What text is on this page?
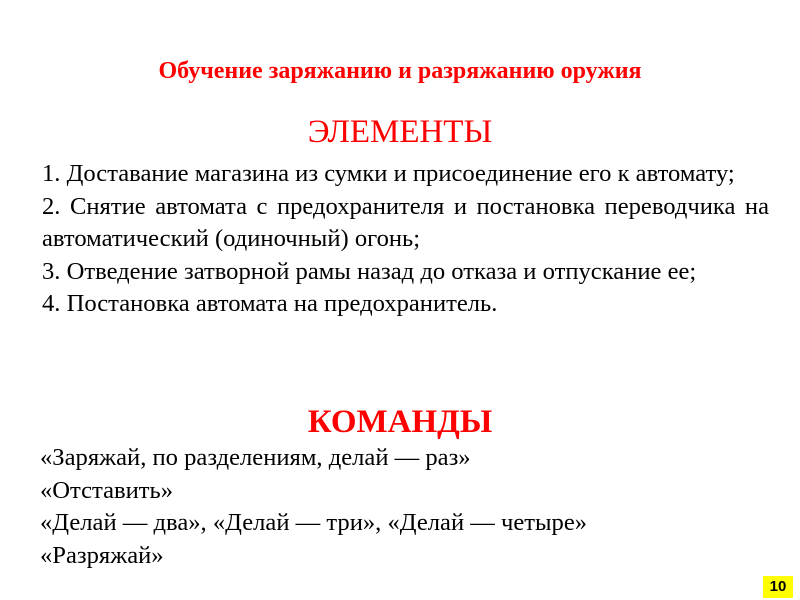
Обучение заряжанию и разряжанию оружия
ЭЛЕМЕНТЫ
1. Доставание магазина из сумки и присоединение его к автомату;
2. Снятие автомата с предохранителя и постановка переводчика на автоматический (одиночный) огонь;
3. Отведение затворной рамы назад до отказа и отпускание ее;
4. Постановка автомата на предохранитель.
КОМАНДЫ
«Заряжай, по разделениям, делай — раз»
«Отставить»
«Делай — два», «Делай — три», «Делай — четыре»
«Разряжай»
10
